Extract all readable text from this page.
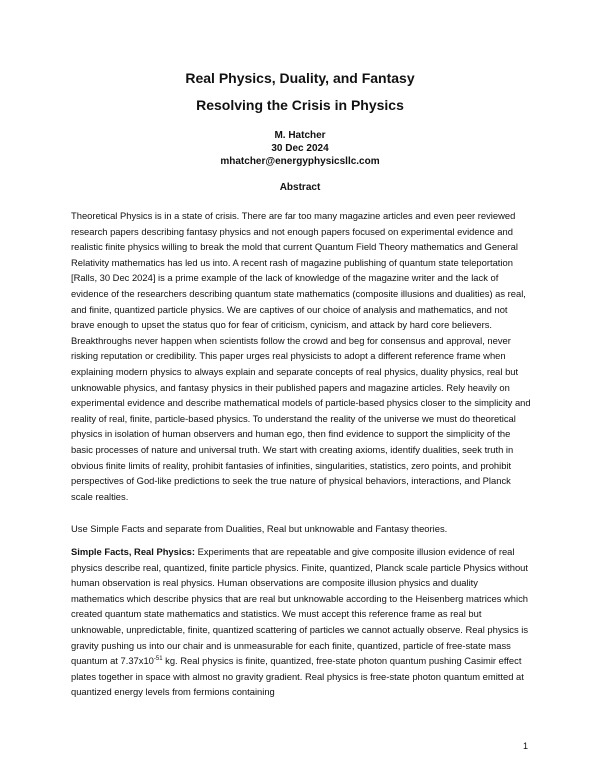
Real Physics, Duality, and Fantasy
Resolving the Crisis in Physics
M. Hatcher
30 Dec 2024
mhatcher@energyphysicsllc.com
Abstract
Theoretical Physics is in a state of crisis. There are far too many magazine articles and even peer reviewed research papers describing fantasy physics and not enough papers focused on experimental evidence and realistic finite physics willing to break the mold that current Quantum Field Theory mathematics and General Relativity mathematics has led us into. A recent rash of magazine publishing of quantum state teleportation [Ralls, 30 Dec 2024] is a prime example of the lack of knowledge of the magazine writer and the lack of evidence of the researchers describing quantum state mathematics (composite illusions and dualities) as real, and finite, quantized particle physics. We are captives of our choice of analysis and mathematics, and not brave enough to upset the status quo for fear of criticism, cynicism, and attack by hard core believers. Breakthroughs never happen when scientists follow the crowd and beg for consensus and approval, never risking reputation or credibility. This paper urges real physicists to adopt a different reference frame when explaining modern physics to always explain and separate concepts of real physics, duality physics, real but unknowable physics, and fantasy physics in their published papers and magazine articles. Rely heavily on experimental evidence and describe mathematical models of particle-based physics closer to the simplicity and reality of real, finite, particle-based physics. To understand the reality of the universe we must do theoretical physics in isolation of human observers and human ego, then find evidence to support the simplicity of the basic processes of nature and universal truth. We start with creating axioms, identify dualities, seek truth in obvious finite limits of reality, prohibit fantasies of infinities, singularities, statistics, zero points, and prohibit perspectives of God-like predictions to seek the true nature of physical behaviors, interactions, and Planck scale realties.
Use Simple Facts and separate from Dualities, Real but unknowable and Fantasy theories.
Simple Facts, Real Physics: Experiments that are repeatable and give composite illusion evidence of real physics describe real, quantized, finite particle physics. Finite, quantized, Planck scale particle Physics without human observation is real physics. Human observations are composite illusion physics and duality mathematics which describe physics that are real but unknowable according to the Heisenberg matrices which created quantum state mathematics and statistics. We must accept this reference frame as real but unknowable, unpredictable, finite, quantized scattering of particles we cannot actually observe. Real physics is gravity pushing us into our chair and is unmeasurable for each finite, quantized, particle of free-state mass quantum at $7.37x10^{-51}$ kg. Real physics is finite, quantized, free-state photon quantum pushing Casimir effect plates together in space with almost no gravity gradient. Real physics is free-state photon quantum emitted at quantized energy levels from fermions containing
1
